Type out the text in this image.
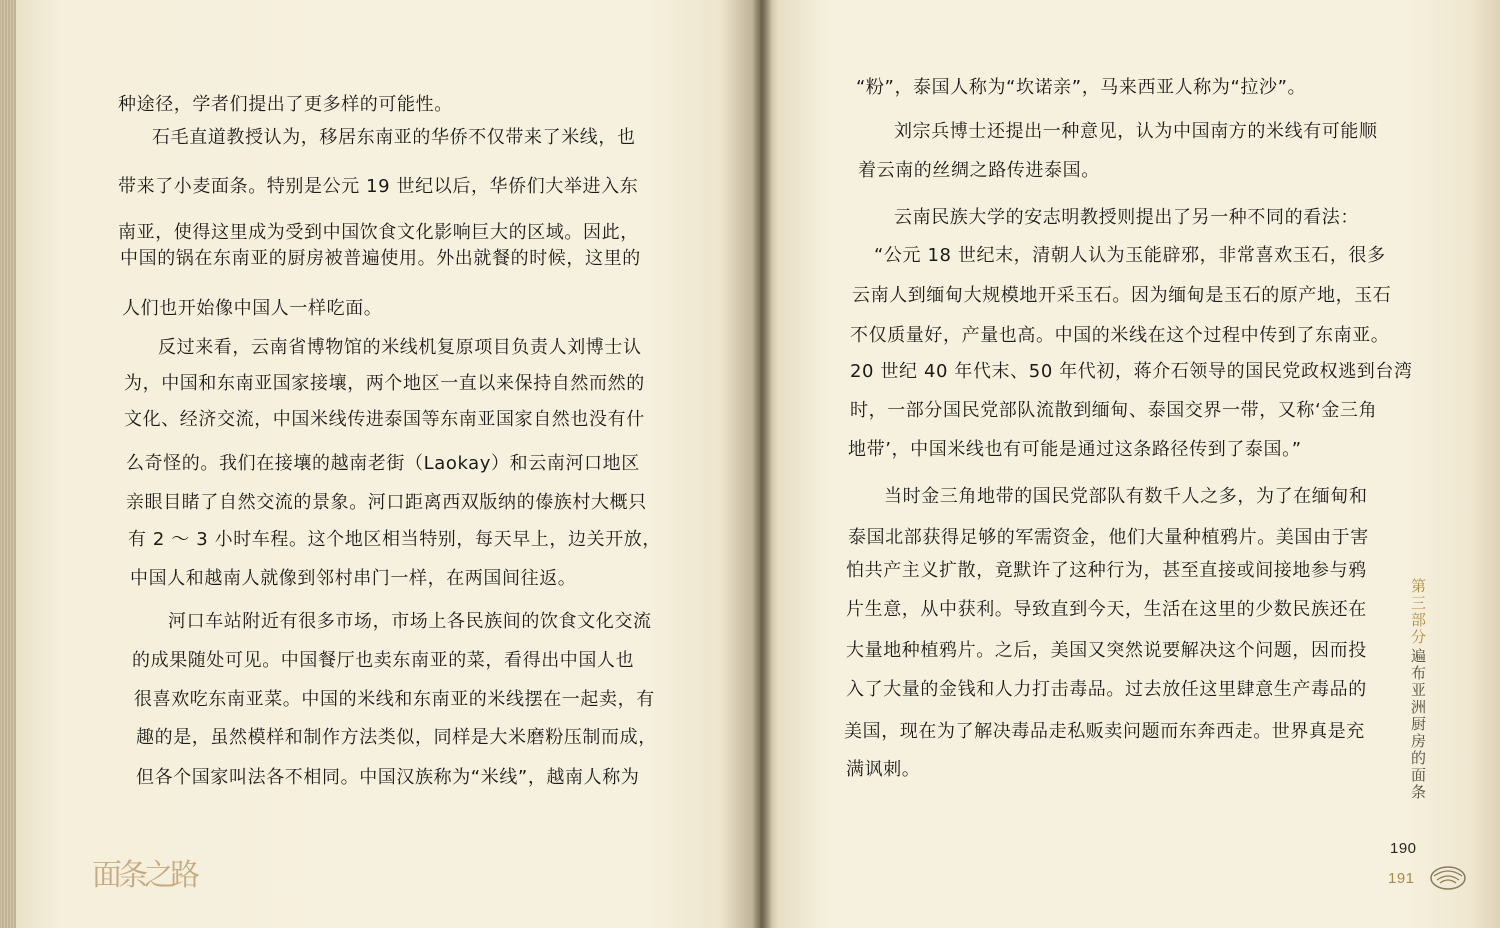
种途径，学者们提出了更多样的可能性。
石毛直道教授认为，移居东南亚的华侨不仅带来了米线，也
带来了小麦面条。特别是公元 19 世纪以后，华侨们大举进入东
南亚，使得这里成为受到中国饮食文化影响巨大的区域。因此，
中国的锅在东南亚的厨房被普遍使用。外出就餐的时候，这里的
人们也开始像中国人一样吃面。
反过来看，云南省博物馆的米线机复原项目负责人刘博士认
为，中国和东南亚国家接壤，两个地区一直以来保持自然而然的
文化、经济交流，中国米线传进泰国等东南亚国家自然也没有什
么奇怪的。我们在接壤的越南老街（Laokay）和云南河口地区
亲眼目睹了自然交流的景象。河口距离西双版纳的傣族村大概只
有 2 ～ 3 小时车程。这个地区相当特别，每天早上，边关开放，
中国人和越南人就像到邻村串门一样，在两国间往返。
河口车站附近有很多市场，市场上各民族间的饮食文化交流
的成果随处可见。中国餐厅也卖东南亚的菜，看得出中国人也
很喜欢吃东南亚菜。中国的米线和东南亚的米线摆在一起卖，有
趣的是，虽然模样和制作方法类似，同样是大米磨粉压制而成，
但各个国家叫法各不相同。中国汉族称为“米线”，越南人称为
面条之路
“粉”，泰国人称为“坎诺亲”，马来西亚人称为“拉沙”。
刘宗兵博士还提出一种意见，认为中国南方的米线有可能顺
着云南的丝绸之路传进泰国。
云南民族大学的安志明教授则提出了另一种不同的看法：
“公元 18 世纪末，清朝人认为玉能辟邪，非常喜欢玉石，很多
云南人到缅甸大规模地开采玉石。因为缅甸是玉石的原产地，玉石
不仅质量好，产量也高。中国的米线在这个过程中传到了东南亚。
20 世纪 40 年代末、50 年代初，蒋介石领导的国民党政权逃到台湾
时，一部分国民党部队流散到缅甸、泰国交界一带，又称‘金三角
地带’，中国米线也有可能是通过这条路径传到了泰国。”
当时金三角地带的国民党部队有数千人之多，为了在缅甸和
泰国北部获得足够的军需资金，他们大量种植鸦片。美国由于害
怕共产主义扩散，竟默许了这种行为，甚至直接或间接地参与鸦
片生意，从中获利。导致直到今天，生活在这里的少数民族还在
大量地种植鸦片。之后，美国又突然说要解决这个问题，因而投
入了大量的金钱和人力打击毒品。过去放任这里肆意生产毒品的
美国，现在为了解决毒品走私贩卖问题而东奔西走。世界真是充
满讽刺。
第三部分
遍布亚洲厨房的面条
190
191
